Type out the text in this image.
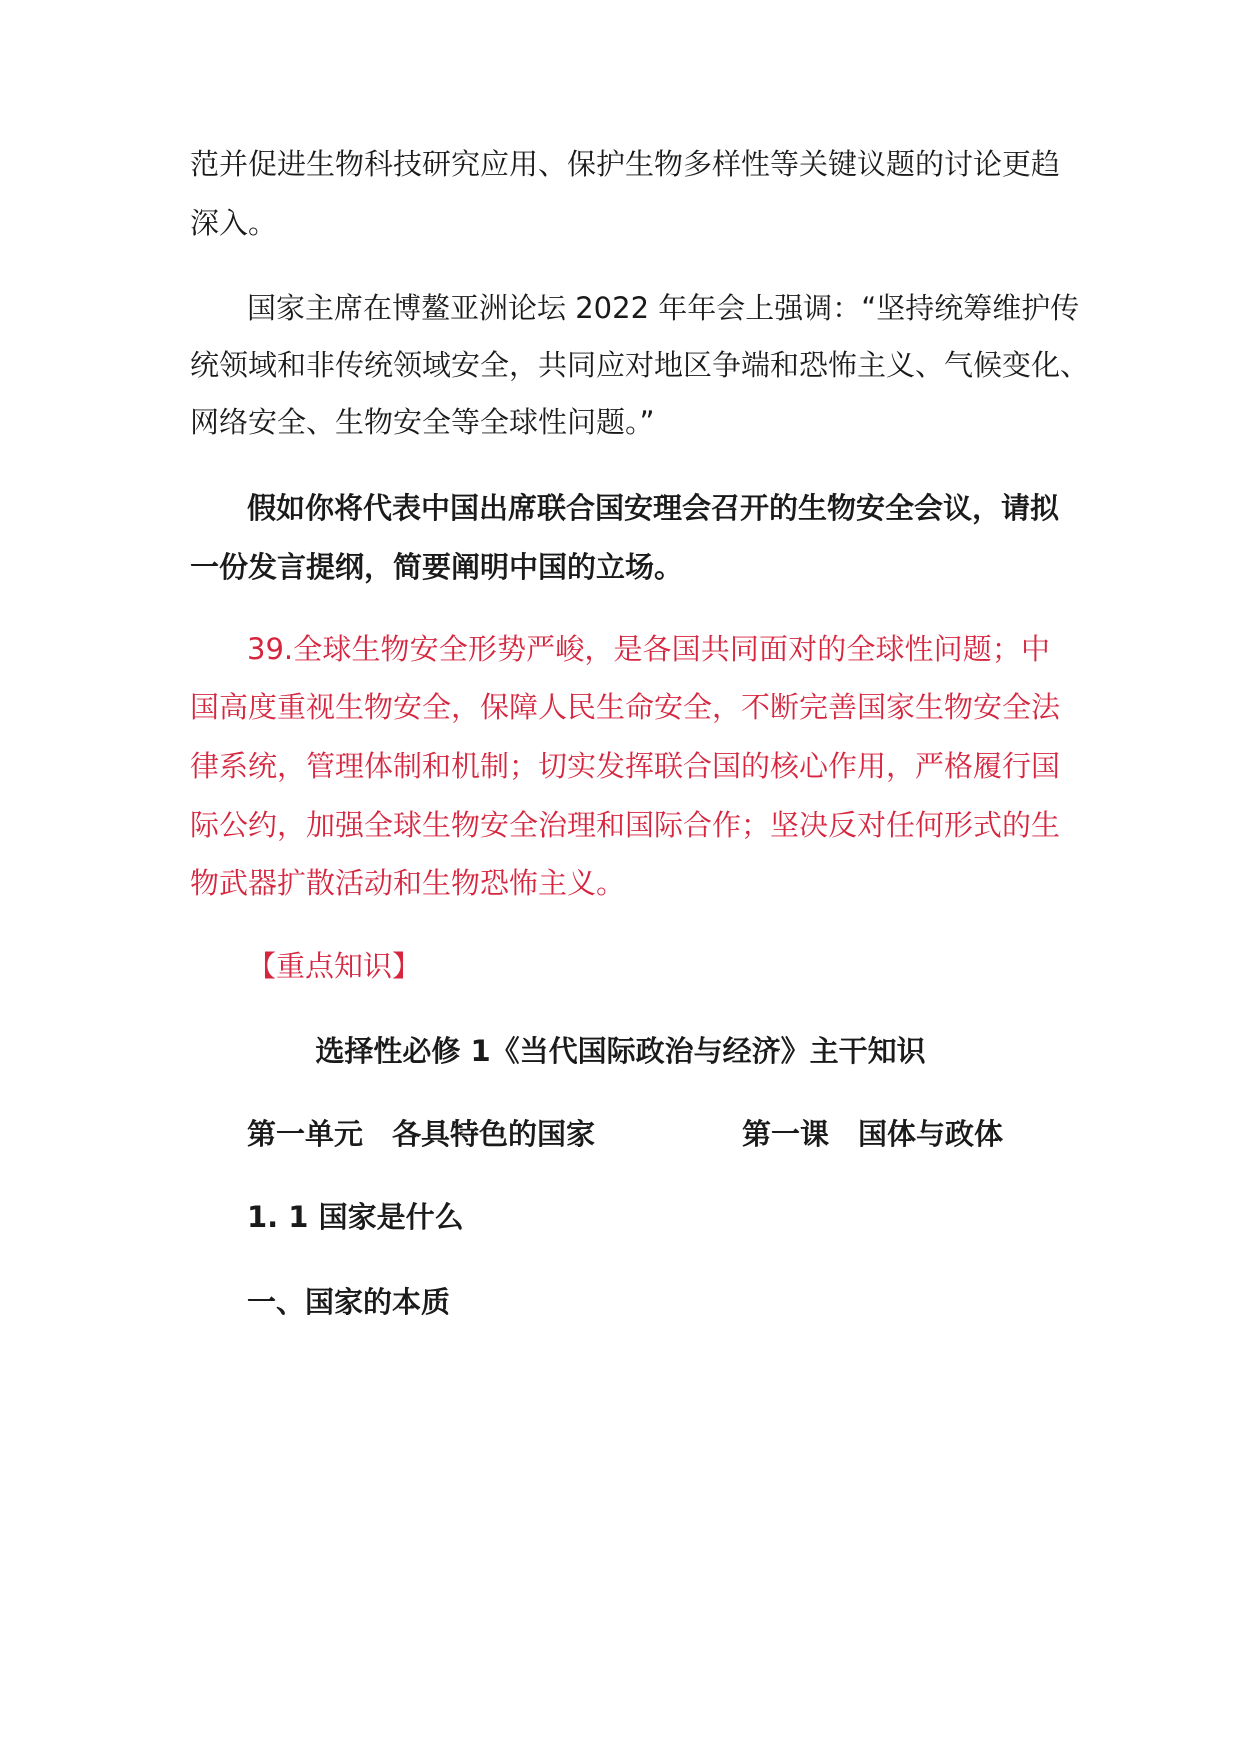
范并促进生物科技研究应用、保护生物多样性等关键议题的讨论更趋
深入。
国家主席在博鳌亚洲论坛 2022 年年会上强调：“坚持统筹维护传
统领域和非传统领域安全，共同应对地区争端和恐怖主义、气候变化、
网络安全、生物安全等全球性问题。”
假如你将代表中国出席联合国安理会召开的生物安全会议，请拟
一份发言提纲，简要阐明中国的立场。
39.全球生物安全形势严峻，是各国共同面对的全球性问题；中
国高度重视生物安全，保障人民生命安全，不断完善国家生物安全法
律系统，管理体制和机制；切实发挥联合国的核心作用，严格履行国
际公约，加强全球生物安全治理和国际合作；坚决反对任何形式的生
物武器扩散活动和生物恐怖主义。
【重点知识】
选择性必修 1《当代国际政治与经济》主干知识
第一单元　各具特色的国家	第一课　国体与政体
1. 1 国家是什么
一、国家的本质
